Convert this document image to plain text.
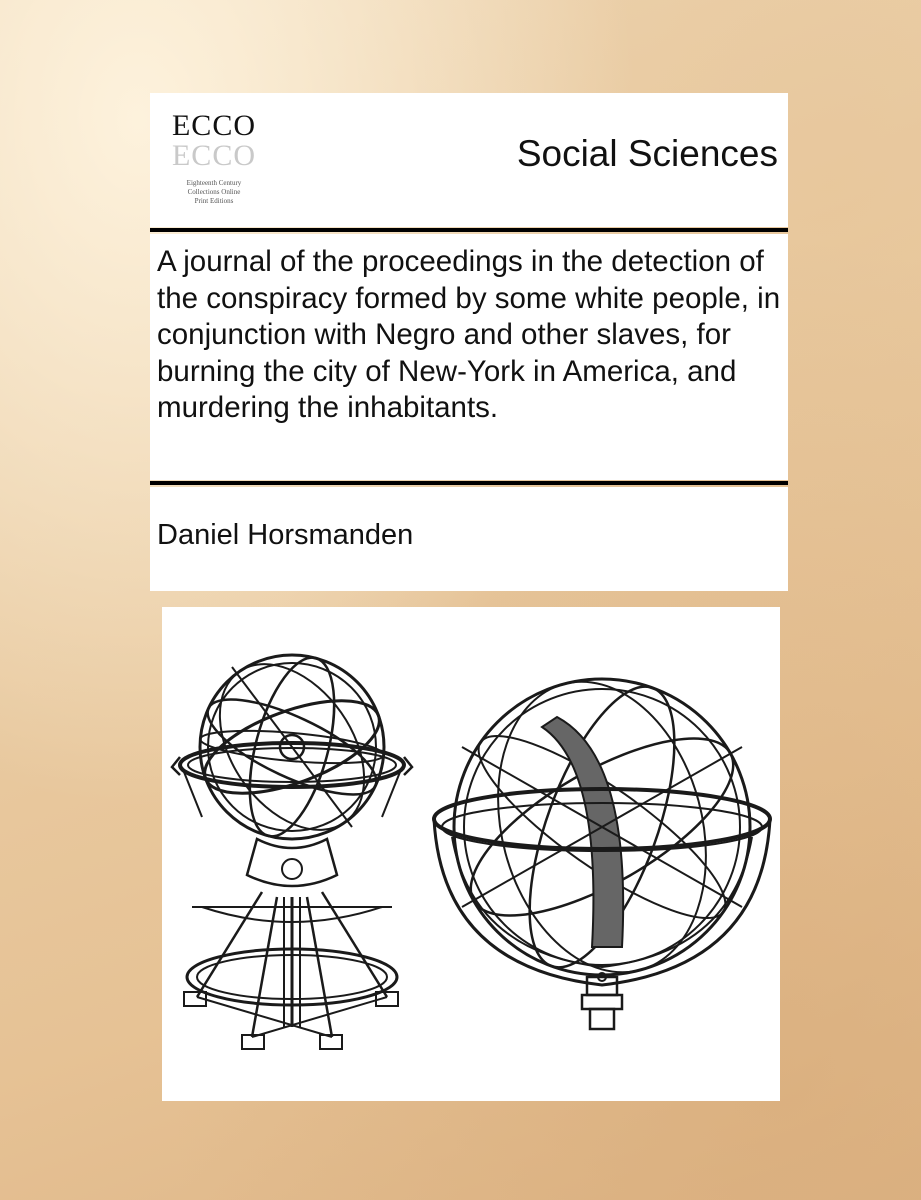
ECCO
ECCO
Eighteenth Century
Collections Online
Print Editions
Social Sciences
A journal of the proceedings in the detection of the conspiracy formed by some white people, in conjunction with Negro and other slaves, for burning the city of New-York in America, and murdering the inhabitants.
Daniel Horsmanden
